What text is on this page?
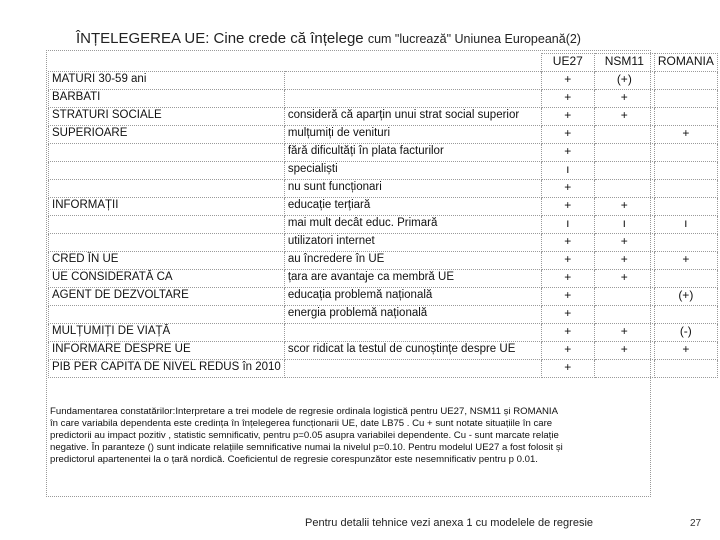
ÎNȚELEGEREA UE: Cine crede că înțelege cum "lucrează" Uniunea Europeană(2)
		UE27	NSM11	ROMANIA
MATURI 30-59 ani		+	(+)	
BARBATI		+	+	
STRATURI SOCIALE	consideră că aparțin unui strat social superior	+	+	
SUPERIOARE	mulțumiți de venituri	+		+
	fără dificultăți în plata facturilor	+		
	specialiști	ı		
	nu sunt funcționari	+		
INFORMAȚII	educație terțiară	+	+	
	mai mult decât educ. Primară	ı	ı	ı
	utilizatori internet	+	+	
CRED ÎN UE	au încredere în UE	+	+	+
UE CONSIDERATĂ CA	țara are avantaje ca membră UE	+	+	
AGENT DE DEZVOLTARE	educația problemă națională	+		(+)
	energia problemă națională	+		
MULȚUMIȚI DE VIAȚĂ		+	+	(-)
INFORMARE DESPRE UE	scor ridicat la testul de cunoștințe despre UE	+	+	+
PIB PER CAPITA DE NIVEL REDUS în 2010		+		

Fundamentarea constatărilor:Interpretare a trei modele de regresie ordinala logistică pentru UE27, NSM11 și ROMANIA

în care variabila dependenta este credința în înțelegerea funcționarii UE, date LB75 . Cu + sunt notate situațiile în care

predictorii au impact pozitiv , statistic semnificativ, pentru p=0.05 asupra variabilei dependente. Cu - sunt marcate relație

negative. În paranteze () sunt indicate relațiile semnificative numai la nivelul p=0.10. Pentru modelul UE27 a fost folosit și

predictorul apartenentei la o țară nordică. Coeficientul de regresie corespunzător este nesemnificativ pentru p 0.01.

Pentru detalii tehnice vezi anexa 1 cu modelele de regresie	27
